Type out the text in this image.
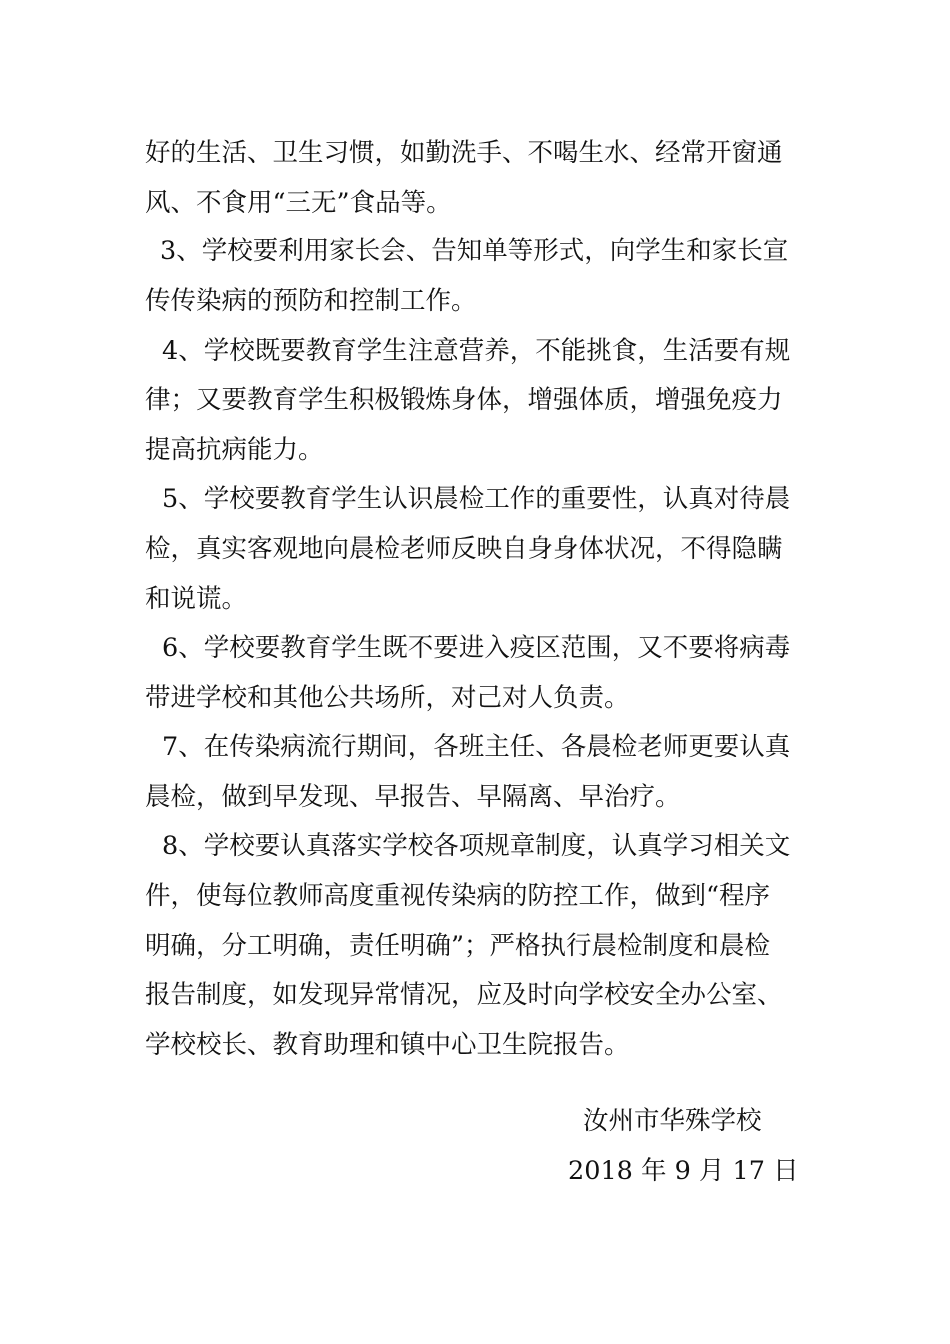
好的生活、卫生习惯，如勤洗手、不喝生水、经常开窗通
风、不食用“三无”食品等。
3、学校要利用家长会、告知单等形式，向学生和家长宣
传传染病的预防和控制工作。
4、学校既要教育学生注意营养，不能挑食，生活要有规
律；又要教育学生积极锻炼身体，增强体质，增强免疫力
提高抗病能力。
5、学校要教育学生认识晨检工作的重要性，认真对待晨
检，真实客观地向晨检老师反映自身身体状况，不得隐瞒
和说谎。
6、学校要教育学生既不要进入疫区范围，又不要将病毒
带进学校和其他公共场所，对己对人负责。
7、在传染病流行期间，各班主任、各晨检老师更要认真
晨检，做到早发现、早报告、早隔离、早治疗。
8、学校要认真落实学校各项规章制度，认真学习相关文
件，使每位教师高度重视传染病的防控工作，做到“程序
明确，分工明确，责任明确”；严格执行晨检制度和晨检
报告制度，如发现异常情况，应及时向学校安全办公室、
学校校长、教育助理和镇中心卫生院报告。
汝州市华殊学校
2018 年 9 月 17 日
